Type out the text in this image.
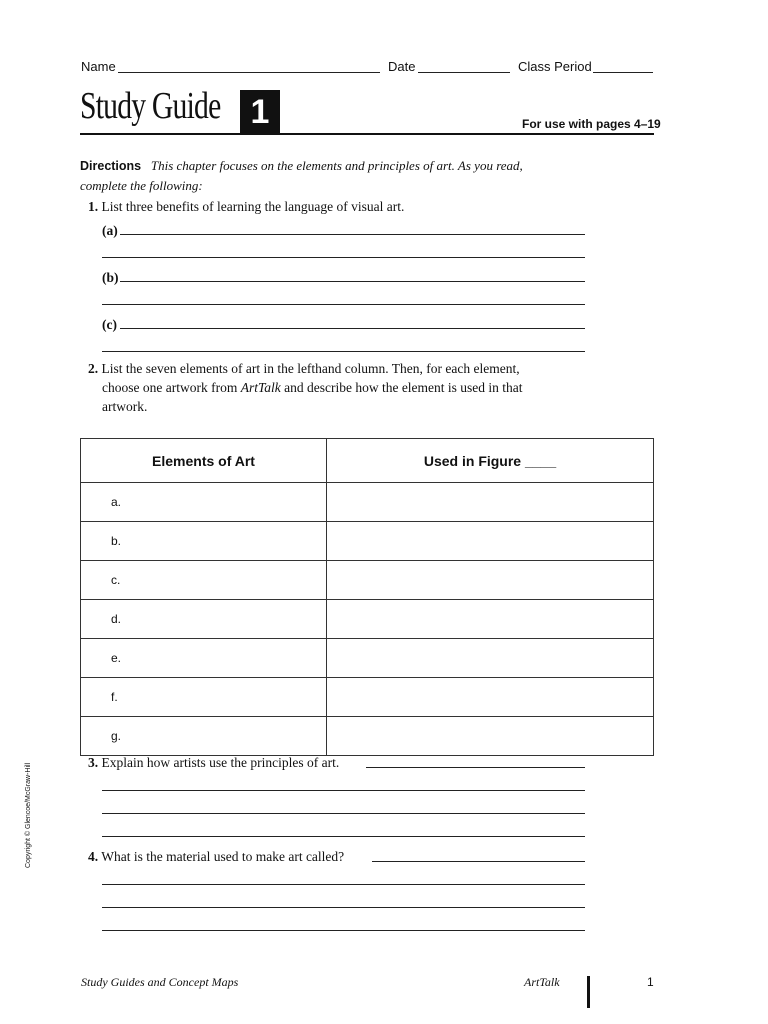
Name	Date	Class Period
Study Guide 1	For use with pages 4–19
Directions This chapter focuses on the elements and principles of art. As you read, complete the following:
1. List three benefits of learning the language of visual art.
(a)
(b)
(c)
2. List the seven elements of art in the lefthand column. Then, for each element,
choose one artwork from ArtTalk and describe how the element is used in that
artwork.
Elements of Art	Used in Figure ____
a.	
b.	
c.	
d.	
e.	
f.	
g.	
3. Explain how artists use the principles of art.
4. What is the material used to make art called?
Study Guides and Concept Maps	ArtTalk	1
Copyright © Glencoe/McGraw-Hill
